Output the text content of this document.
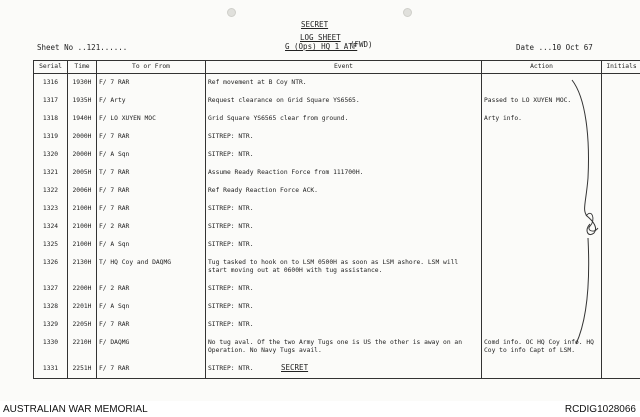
SECRET
LOG SHEET
G (Ops) HQ 1 ATF
(FWD)
Sheet No ..121......	Date ...10 Oct 67
Serial	Time	To or From	Event	Action	Initials
1316	1930H	F/ 7 RAR	Ref movement at B Coy NTR.		
1317	1935H	F/ Arty	Request clearance on Grid Square YS6565.	Passed to LO XUYEN MOC.	
1318	1940H	F/ LO XUYEN MOC	Grid Square YS6565 clear from ground.	Arty info.	
1319	2000H	F/ 7 RAR	SITREP: NTR.		
1320	2000H	F/ A Sqn	SITREP: NTR.		
1321	2005H	T/ 7 RAR	Assume Ready Reaction Force from 111700H.		
1322	2006H	F/ 7 RAR	Ref Ready Reaction Force ACK.		
1323	2100H	F/ 7 RAR	SITREP: NTR.		
1324	2100H	F/ 2 RAR	SITREP: NTR.		
1325	2100H	F/ A Sqn	SITREP: NTR.		
1326	2130H	T/ HQ Coy and DAQMG	Tug tasked to hook on to LSM 0500H as soon as LSM ashore. LSM will start moving out at 0600H with tug assistance.		
1327	2200H	F/ 2 RAR	SITREP: NTR.		
1328	2201H	F/ A Sqn	SITREP: NTR.		
1329	2205H	F/ 7 RAR	SITREP: NTR.		
1330	2210H	F/ DAQMG	No tug aval. Of the two Army Tugs one is US the other is away on an Operation. No Navy Tugs avail.	Comd info. OC HQ Coy info. HQ Coy to info Capt of LSM.	
1331	2251H	F/ 7 RAR	SITREP: NTR.			SECRET
AUSTRALIAN WAR MEMORIAL	RCDIG1028066
